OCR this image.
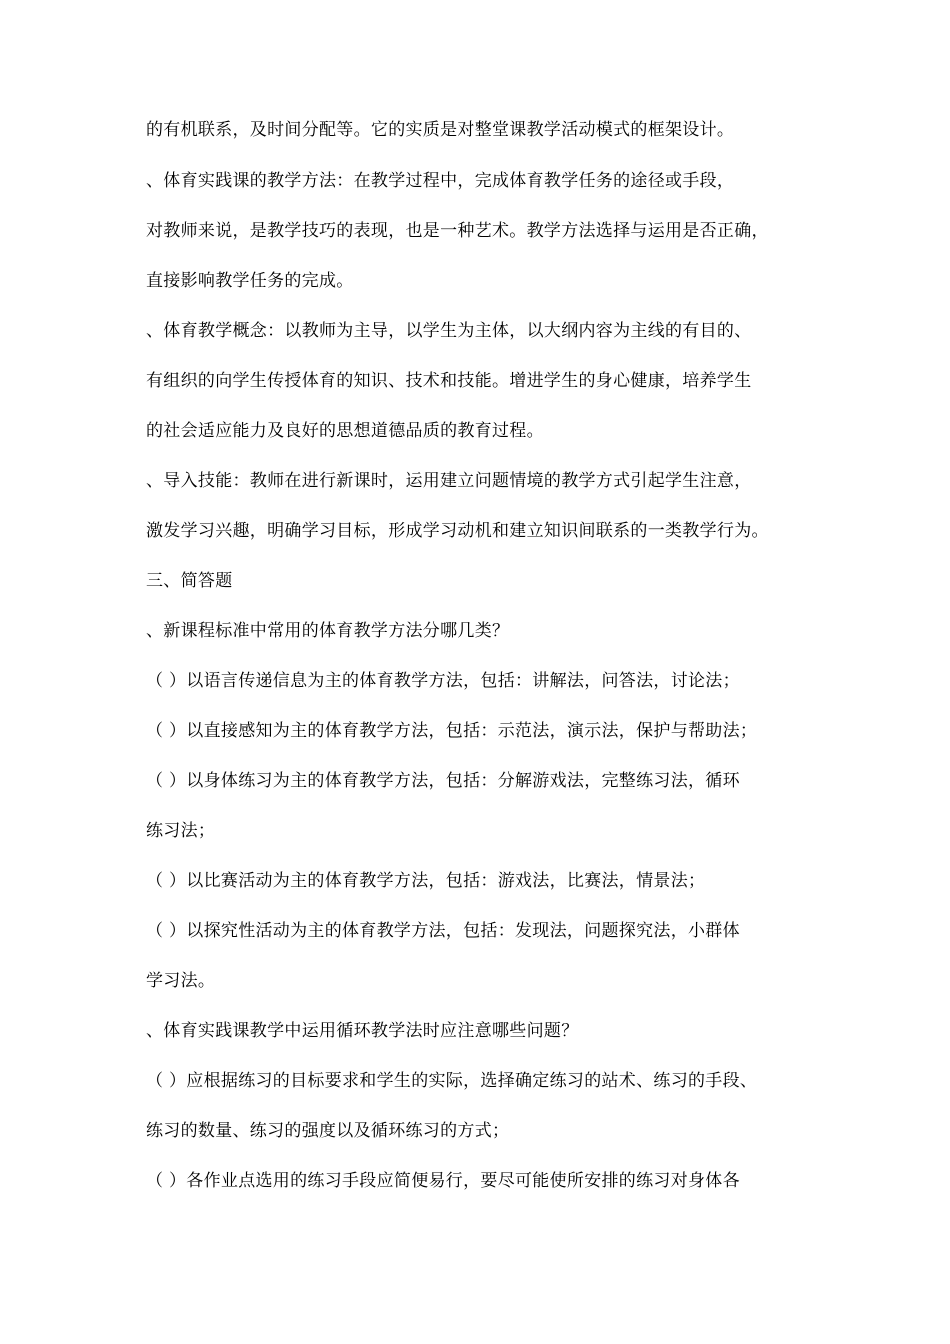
的有机联系，及时间分配等。它的实质是对整堂课教学活动模式的框架设计。
、体育实践课的教学方法：在教学过程中，完成体育教学任务的途径或手段，
对教师来说，是教学技巧的表现，也是一种艺术。教学方法选择与运用是否正确，
直接影响教学任务的完成。
、体育教学概念：以教师为主导，以学生为主体，以大纲内容为主线的有目的、
有组织的向学生传授体育的知识、技术和技能。增进学生的身心健康，培养学生
的社会适应能力及良好的思想道德品质的教育过程。
、导入技能：教师在进行新课时，运用建立问题情境的教学方式引起学生注意，
激发学习兴趣，明确学习目标，形成学习动机和建立知识间联系的一类教学行为。
三、简答题
、新课程标准中常用的体育教学方法分哪几类？
（ ）以语言传递信息为主的体育教学方法，包括：讲解法，问答法，讨论法；
（ ）以直接感知为主的体育教学方法，包括：示范法，演示法，保护与帮助法；
（ ）以身体练习为主的体育教学方法，包括：分解游戏法，完整练习法，循环
练习法；
（ ）以比赛活动为主的体育教学方法，包括：游戏法，比赛法，情景法；
（ ）以探究性活动为主的体育教学方法，包括：发现法，问题探究法，小群体
学习法。
、体育实践课教学中运用循环教学法时应注意哪些问题？
（ ）应根据练习的目标要求和学生的实际，选择确定练习的站术、练习的手段、
练习的数量、练习的强度以及循环练习的方式；
（ ）各作业点选用的练习手段应简便易行，要尽可能使所安排的练习对身体各
